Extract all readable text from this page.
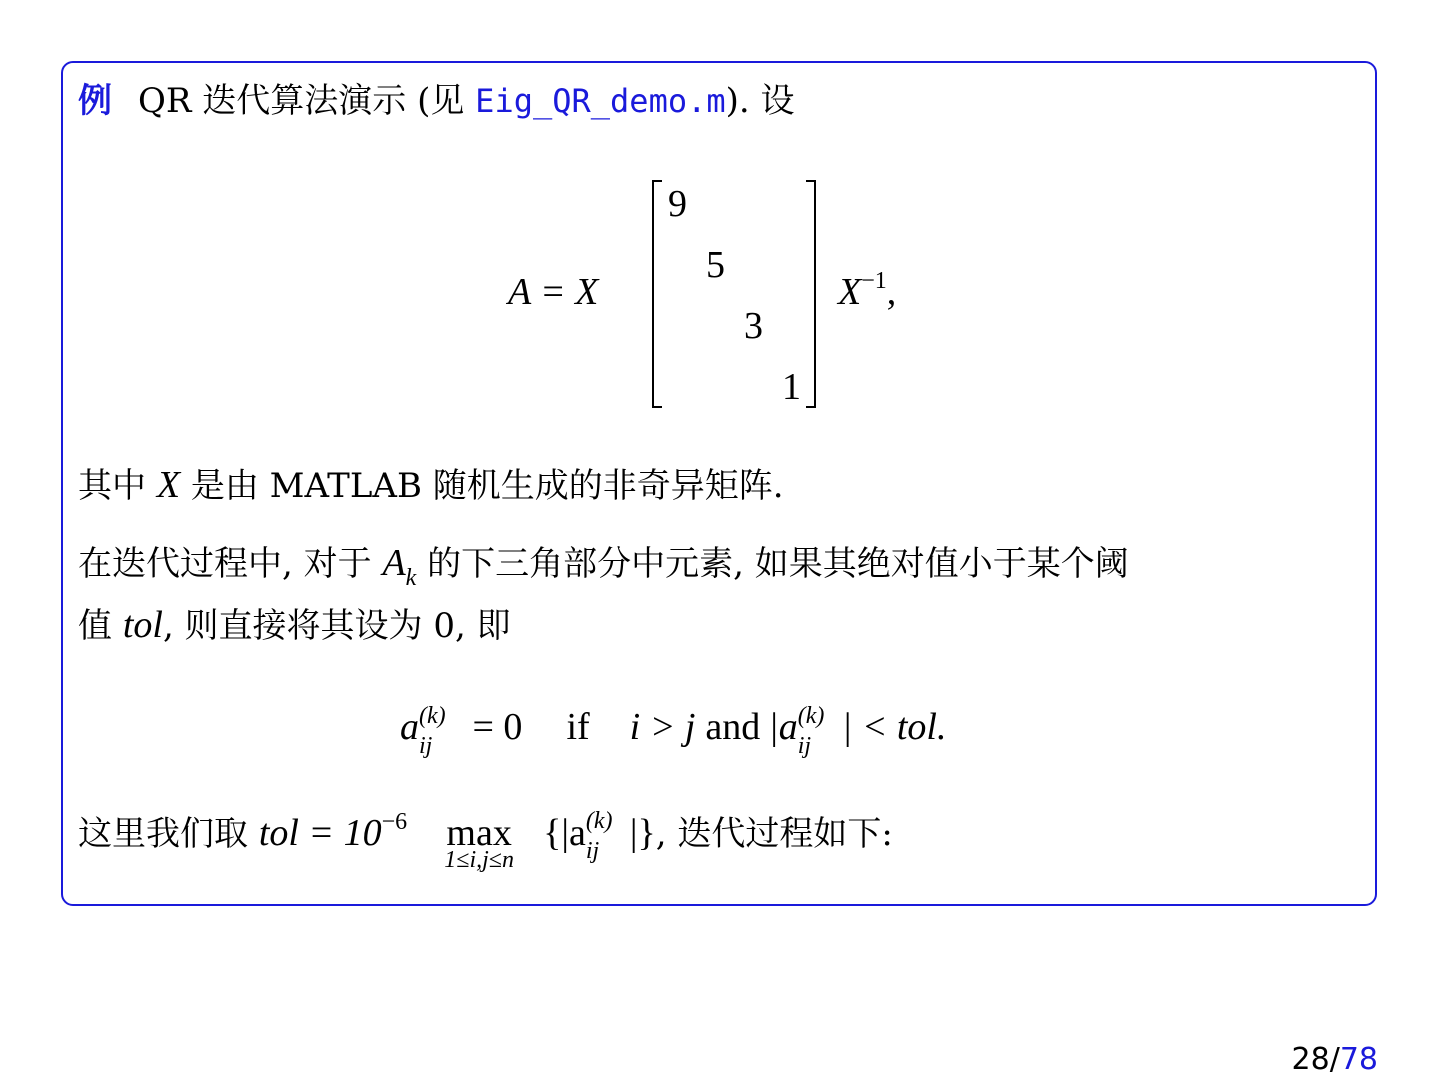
例 QR 迭代算法演示 (见 Eig_QR_demo.m). 设
A = X
9
5
3
1
X−1,
其中 X 是由 MATLAB 随机生成的非奇异矩阵.
在迭代过程中, 对于 $A_k$ 的下三角部分中元素, 如果其绝对值小于某个阈
值 tol, 则直接将其设为 0, 即
a (k)
ij = 0 if i > j and |a (k)
ij | < tol.
这里我们取 tol = $10^{-6}$ max
1≤i,j≤n
{|a (k)
ij |}, 迭代过程如下:
28/78
